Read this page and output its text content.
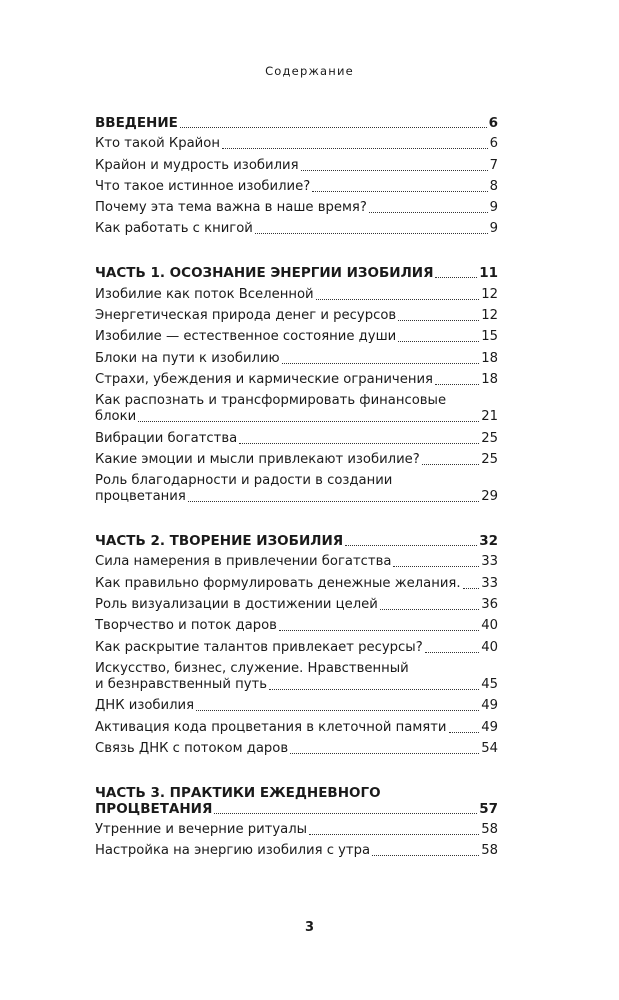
Содержание
ВВЕДЕНИЕ	6
Кто такой Крайон	6
Крайон и мудрость изобилия	7
Что такое истинное изобилие?	8
Почему эта тема важна в наше время?	9
Как работать с книгой	9
ЧАСТЬ 1. ОСОЗНАНИЕ ЭНЕРГИИ ИЗОБИЛИЯ	11
Изобилие как поток Вселенной	12
Энергетическая природа денег и ресурсов	12
Изобилие — естественное состояние души	15
Блоки на пути к изобилию	18
Страхи, убеждения и кармические ограничения	18
Как распознать и трансформировать финансовые
блоки	21
Вибрации богатства	25
Какие эмоции и мысли привлекают изобилие?	25
Роль благодарности и радости в создании
процветания	29
ЧАСТЬ 2. ТВОРЕНИЕ ИЗОБИЛИЯ	32
Сила намерения в привлечении богатства	33
Как правильно формулировать денежные желания. 33
Роль визуализации в достижении целей	36
Творчество и поток даров	40
Как раскрытие талантов привлекает ресурсы?	40
Искусство, бизнес, служение. Нравственный
и безнравственный путь	45
ДНК изобилия	49
Активация кода процветания в клеточной памяти	49
Связь ДНК с потоком даров	54
ЧАСТЬ 3. ПРАКТИКИ ЕЖЕДНЕВНОГО
ПРОЦВЕТАНИЯ	57
Утренние и вечерние ритуалы	58
Настройка на энергию изобилия с утра	58
3
